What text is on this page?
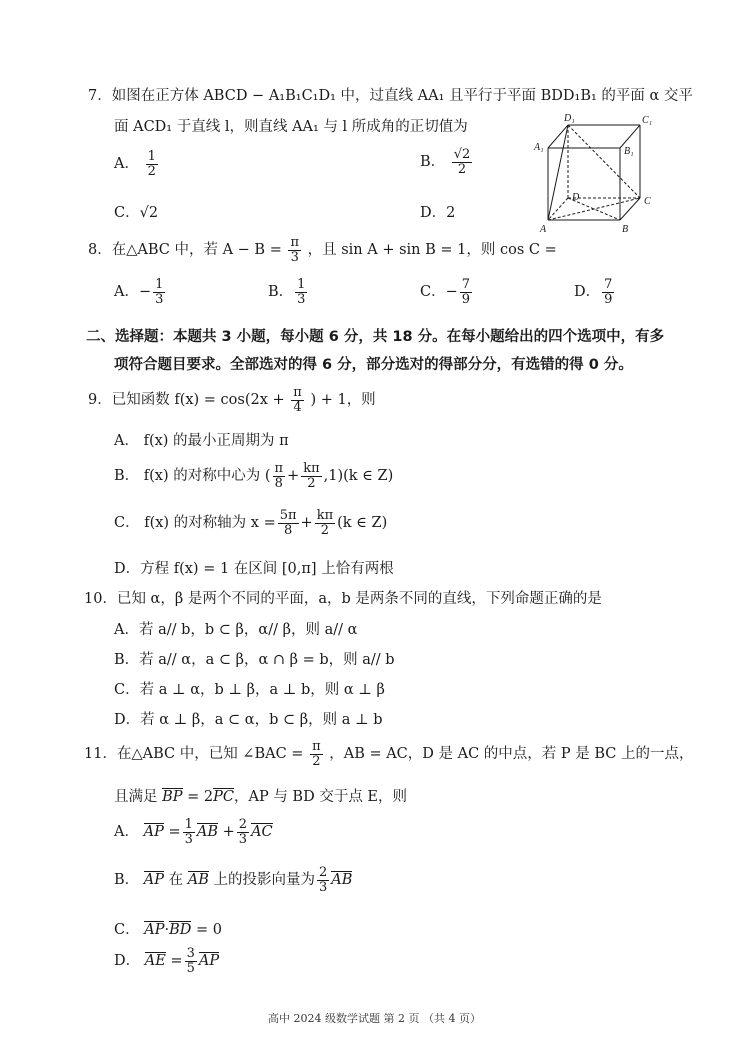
7．如图在正方体 ABCD − A₁B₁C₁D₁ 中，过直线 AA₁ 且平行于平面 BDD₁B₁ 的平面 α 交平
面 ACD₁ 于直线 l，则直线 AA₁ 与 l 所成角的正切值为
A． $\frac{1}{2}$	B． $\frac{√2}{2}$
C．√2	D．2
D₁	C₁
A₁	B₁
D	C
A	B
8．在△ABC 中，若 $A - B = \frac{\pi}{3}$ ，且 sin A + sin B = 1，则 cos C =
A．− $\frac{1}{3}$	B． $\frac{1}{3}$	C．− $\frac{7}{9}$	D． $\frac{7}{9}$
二、选择题：本题共 3 小题，每小题 6 分，共 18 分。在每小题给出的四个选项中，有多
项符合题目要求。全部选对的得 6 分，部分选对的得部分分，有选错的得 0 分。
9．已知函数 $f(x) = \cos(2x + \frac{\pi}{4}$ ) + 1，则
A． f(x) 的最小正周期为 π
B． f(x) 的对称中心为 ( $\frac{\pi}{8} + \frac{k\pi}{2} ,1)(k$ ∈ Z)
C． f(x) 的对称轴为 $x = \frac{5\pi}{8} + \frac{k\pi}{2} (k$ ∈ Z)
D．方程 f(x) = 1 在区间 [0,π] 上恰有两根
10．已知 α，β 是两个不同的平面，a，b 是两条不同的直线，下列命题正确的是
A．若 a// b，b ⊂ β，α// β，则 a// α
B．若 a// α，a ⊂ β，α ∩ β = b，则 a// b
C．若 a ⊥ α，b ⊥ β，a ⊥ b，则 α ⊥ β
D．若 α ⊥ β，a ⊂ α，b ⊂ β，则 a ⊥ b
11．在△ABC 中，已知 ∠BAC = $\frac{\pi}{2}$ ，AB = AC，D 是 AC 的中点，若 P 是 BC 上的一点，
且满足 BP = 2PC，AP 与 BD 交于点 E，则
A． AP = $\frac{1}{3}$ AB + $\frac{2}{3}$ AC
B． AP 在 AB 上的投影向量为 $\frac{2}{3}$ AB
C． AP·BD = 0
D． AE = $\frac{3}{5}$ AP
高中 2024 级数学试题 第 2 页 （共 4 页）
